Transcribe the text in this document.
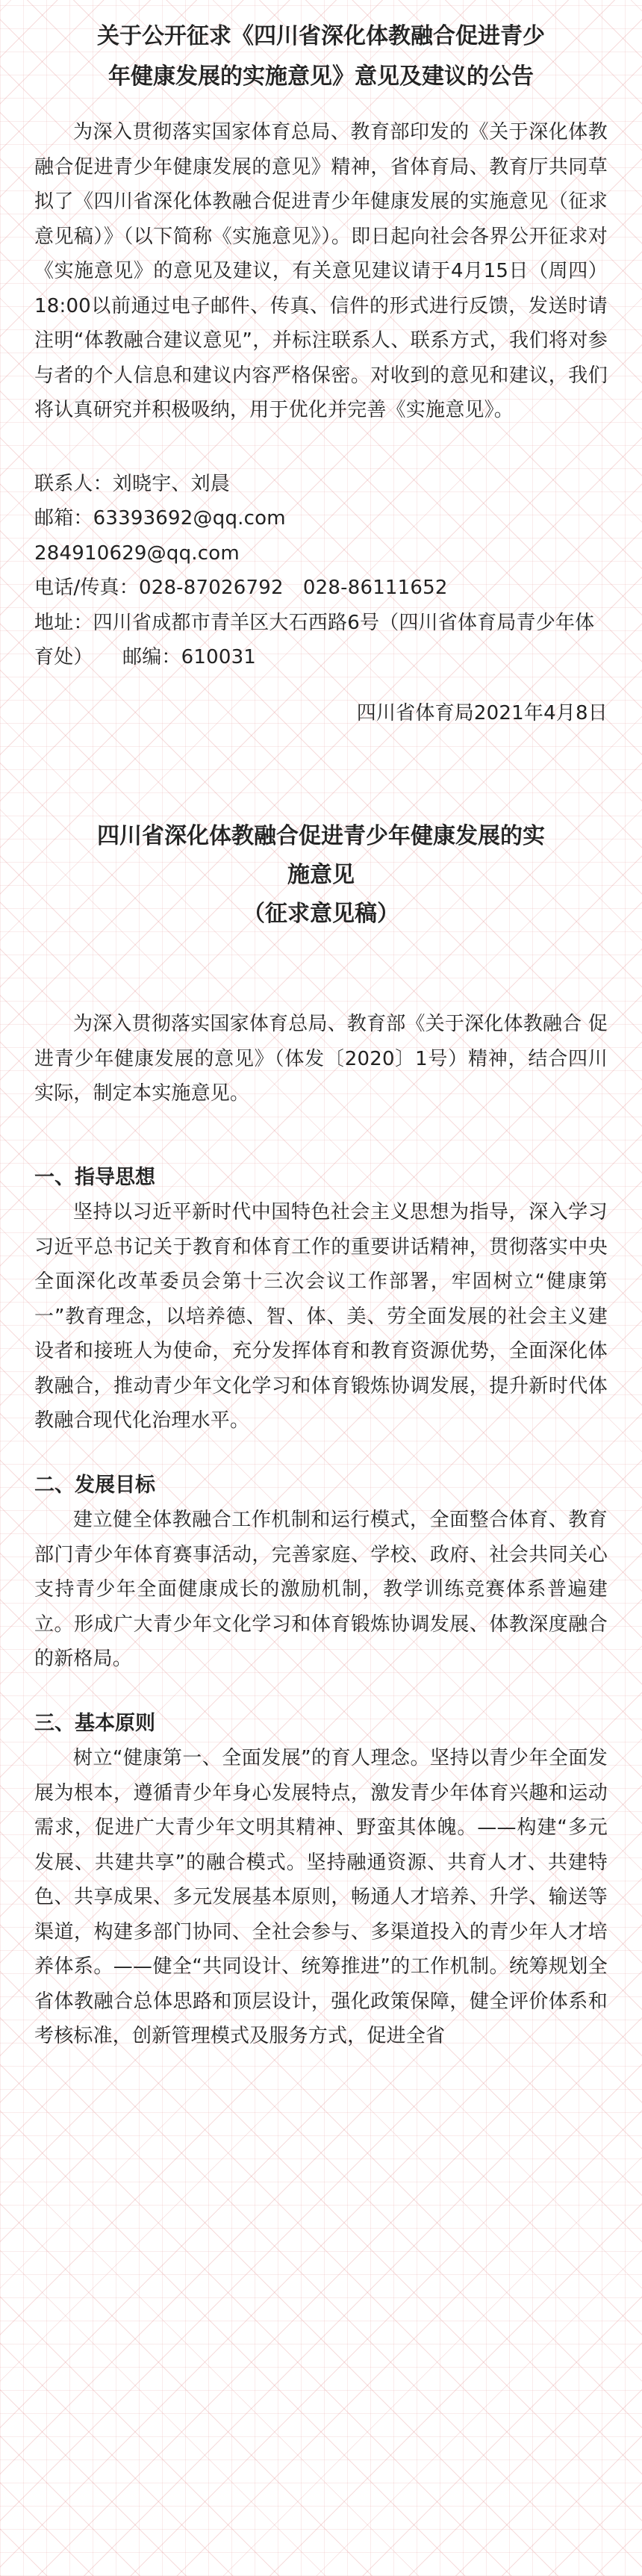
关于公开征求《四川省深化体教融合促进青少
年健康发展的实施意见》意见及建议的公告

为深入贯彻落实国家体育总局、教育部印发的《关于深化体教融合促进青少年健康发展的意见》精神，省体育局、教育厅共同草拟了《四川省深化体教融合促进青少年健康发展的实施意见（征求意见稿）》（以下简称《实施意见》）。即日起向社会各界公开征求对《实施意见》的意见及建议，有关意见建议请于4月15日（周四）18:00以前通过电子邮件、传真、信件的形式进行反馈，发送时请注明“体教融合建议意见”，并标注联系人、联系方式，我们将对参与者的个人信息和建议内容严格保密。对收到的意见和建议，我们将认真研究并积极吸纳，用于优化并完善《实施意见》。

联系人：刘晓宇、刘晨

邮箱：63393692@qq.com

284910629@qq.com

电话/传真：028-87026792　028-86111652

地址：四川省成都市青羊区大石西路6号（四川省体育局青少年体育处）　　邮编：610031

四川省体育局2021年4月8日

四川省深化体教融合促进青少年健康发展的实
施意见
（征求意见稿）

为深入贯彻落实国家体育总局、教育部《关于深化体教融合 促进青少年健康发展的意见》（体发〔2020〕1号）精神，结合四川实际，制定本实施意见。

一、指导思想

坚持以习近平新时代中国特色社会主义思想为指导，深入学习习近平总书记关于教育和体育工作的重要讲话精神，贯彻落实中央全面深化改革委员会第十三次会议工作部署，牢固树立“健康第一”教育理念，以培养德、智、体、美、劳全面发展的社会主义建设者和接班人为使命，充分发挥体育和教育资源优势，全面深化体教融合，推动青少年文化学习和体育锻炼协调发展，提升新时代体教融合现代化治理水平。

二、发展目标

建立健全体教融合工作机制和运行模式，全面整合体育、教育部门青少年体育赛事活动，完善家庭、学校、政府、社会共同关心支持青少年全面健康成长的激励机制，教学训练竞赛体系普遍建立。形成广大青少年文化学习和体育锻炼协调发展、体教深度融合的新格局。

三、基本原则

树立“健康第一、全面发展”的育人理念。坚持以青少年全面发展为根本，遵循青少年身心发展特点，激发青少年体育兴趣和运动需求，促进广大青少年文明其精神、野蛮其体魄。——构建“多元发展、共建共享”的融合模式。坚持融通资源、共育人才、共建特色、共享成果、多元发展基本原则，畅通人才培养、升学、输送等渠道，构建多部门协同、全社会参与、多渠道投入的青少年人才培养体系。——健全“共同设计、统筹推进”的工作机制。统筹规划全省体教融合总体思路和顶层设计，强化政策保障，健全评价体系和考核标准，创新管理模式及服务方式，促进全省
